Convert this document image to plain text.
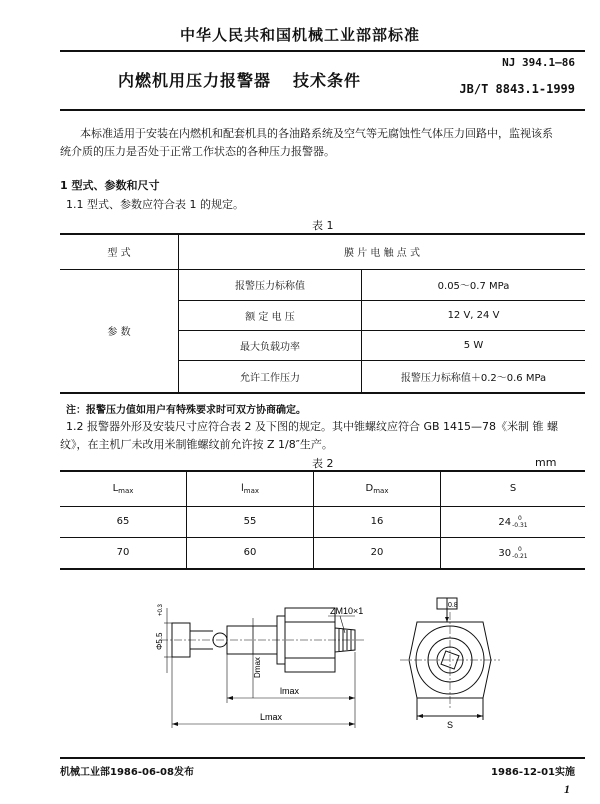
中华人民共和国机械工业部部标准
NJ 394.1—86
内燃机用压力报警器 技术条件	JB/T 8843.1-1999
本标准适用于安装在内燃机和配套机具的各油路系统及空气等无腐蚀性气体压力回路中，监视该系
统介质的压力是否处于正常工作状态的各种压力报警器。
1 型式、参数和尺寸
1.1 型式、参数应符合表 1 的规定。
表 1
型 式	膜 片 电 触 点 式	
参 数	报警压力标称值	0.05～0.7 MPa
	额 定 电 压	12 V, 24 V
	最大负载功率	5 W
	允许工作压力	报警压力标称值＋0.2～0.6 MPa
注：报警压力值如用户有特殊要求时可双方协商确定。
1.2 报警器外形及安装尺寸应符合表 2 及下图的规定。其中锥螺纹应符合 GB 1415—78《米制 锥 螺
纹》，在主机厂未改用米制锥螺纹前允许按 Z 1/8″生产。
表 2	mm
$L_{max}$	$l_{max}$	$D_{max}$	S
65	55	16	24 0
-0.31

70	60	20	30 0
-0.21
ZM10×1
Dmax
lmax
Lmax
Φ5.5
+0.3	0.8
S
机械工业部1986-06-08发布	1986-12-01实施
1
